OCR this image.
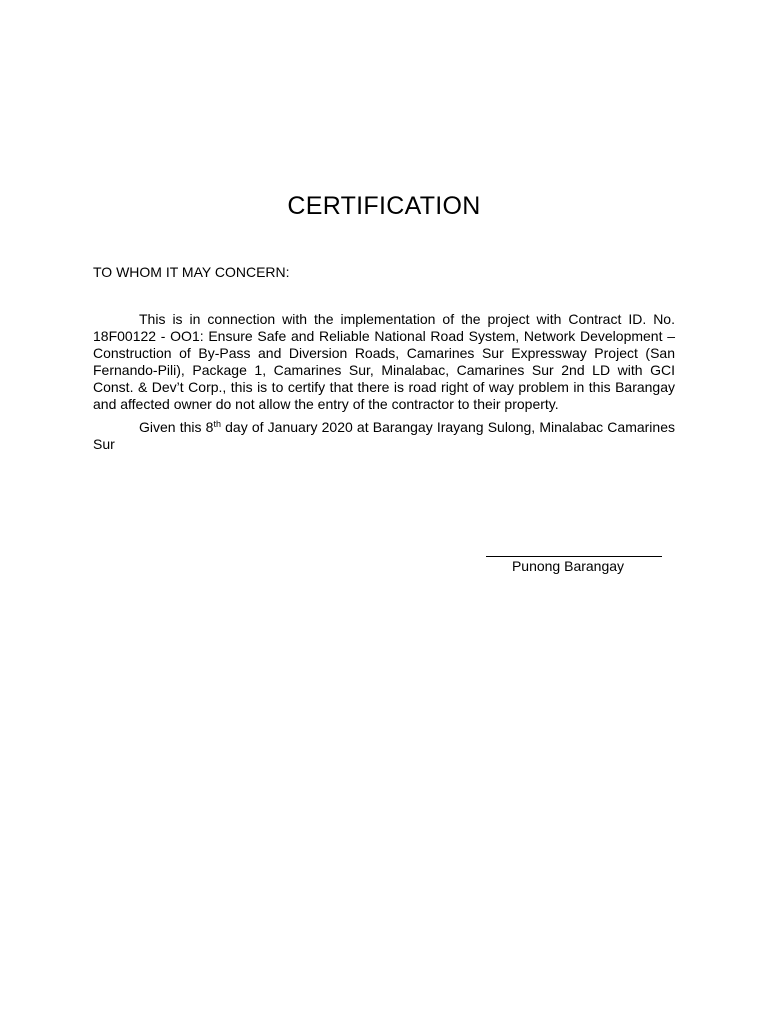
CERTIFICATION
TO WHOM IT MAY CONCERN:

This is in connection with the implementation of the project with Contract ID. No. 18F00122 - OO1: Ensure Safe and Reliable National Road System, Network Development – Construction of By-Pass and Diversion Roads, Camarines Sur Expressway Project (San Fernando-Pili), Package 1, Camarines Sur, Minalabac, Camarines Sur 2nd LD with GCI Const. & Dev’t Corp., this is to certify that there is road right of way problem in this Barangay and affected owner do not allow the entry of the contractor to their property.

Given this 8th day of January 2020 at Barangay Irayang Sulong, Minalabac Camarines Sur

Punong Barangay
